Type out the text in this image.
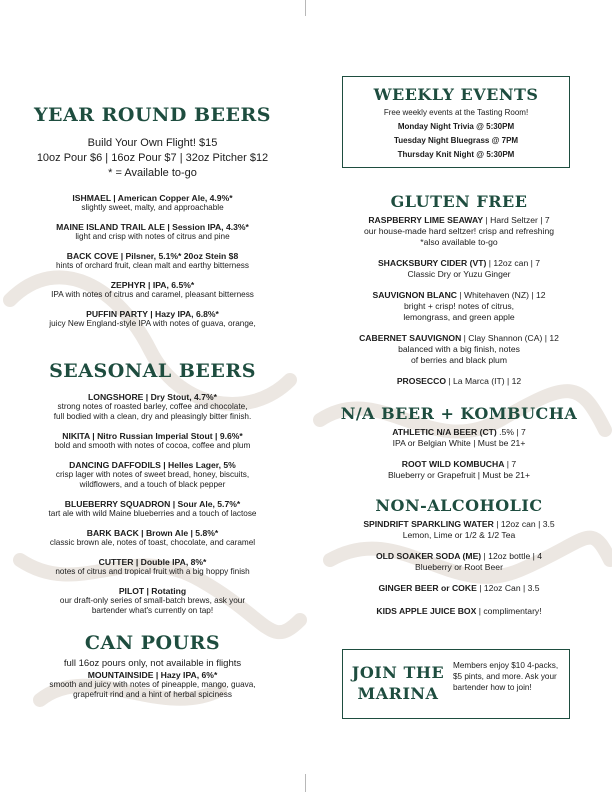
YEAR ROUND BEERS
Build Your Own Flight! $15
10oz Pour $6 | 16oz Pour $7 | 32oz Pitcher $12
* = Available to-go
ISHMAEL | American Copper Ale, 4.9%*
slightly sweet, malty, and approachable
MAINE ISLAND TRAIL ALE | Session IPA, 4.3%*
light and crisp with notes of citrus and pine
BACK COVE | Pilsner, 5.1%* 20oz Stein $8
hints of orchard fruit, clean malt and earthy bitterness
ZEPHYR | IPA, 6.5%*
IPA with notes of citrus and caramel, pleasant bitterness
PUFFIN PARTY | Hazy IPA, 6.8%*
juicy New England-style IPA with notes of guava, orange,
SEASONAL BEERS
LONGSHORE | Dry Stout, 4.7%*
strong notes of roasted barley, coffee and chocolate,
full bodied with a clean, dry and pleasingly bitter finish.
NIKITA | Nitro Russian Imperial Stout | 9.6%*
bold and smooth with notes of cocoa, coffee and plum
DANCING DAFFODILS | Helles Lager, 5%
crisp lager with notes of sweet bread, honey, biscuits,
wildflowers, and a touch of black pepper
BLUEBERRY SQUADRON | Sour Ale, 5.7%*
tart ale with wild Maine blueberries and a touch of lactose
BARK BACK | Brown Ale | 5.8%*
classic brown ale, notes of toast, chocolate, and caramel
CUTTER | Double IPA, 8%*
notes of citrus and tropical fruit with a big hoppy finish
PILOT | Rotating
our draft-only series of small-batch brews, ask your
bartender what's currently on tap!
CAN POURS
full 16oz pours only, not available in flights
MOUNTAINSIDE | Hazy IPA, 6%*
smooth and juicy with notes of pineapple, mango, guava,
grapefruit rind and a hint of herbal spiciness
WEEKLY EVENTS
Free weekly events at the Tasting Room!
Monday Night Trivia @ 5:30PM
Tuesday Night Bluegrass @ 7PM
Thursday Knit Night @ 5:30PM
GLUTEN FREE
RASPBERRY LIME SEAWAY | Hard Seltzer | 7
our house-made hard seltzer! crisp and refreshing
*also available to-go
SHACKSBURY CIDER (VT) | 12oz can | 7
Classic Dry or Yuzu Ginger
SAUVIGNON BLANC | Whitehaven (NZ) | 12
bright + crisp! notes of citrus,
lemongrass, and green apple
CABERNET SAUVIGNON | Clay Shannon (CA) | 12
balanced with a big finish, notes
of berries and black plum
PROSECCO | La Marca (IT) | 12
N/A BEER + KOMBUCHA
ATHLETIC N/A BEER (CT) .5% | 7
IPA or Belgian White | Must be 21+
ROOT WILD KOMBUCHA | 7
Blueberry or Grapefruit | Must be 21+
NON-ALCOHOLIC
SPINDRIFT SPARKLING WATER | 12oz can | 3.5
Lemon, Lime or 1/2 & 1/2 Tea
OLD SOAKER SODA (ME) | 12oz bottle | 4
Blueberry or Root Beer
GINGER BEER or COKE | 12oz Can | 3.5
KIDS APPLE JUICE BOX | complimentary!
JOIN THE
MARINA
Members enjoy $10 4-packs, $5 pints, and more. Ask your bartender how to join!
